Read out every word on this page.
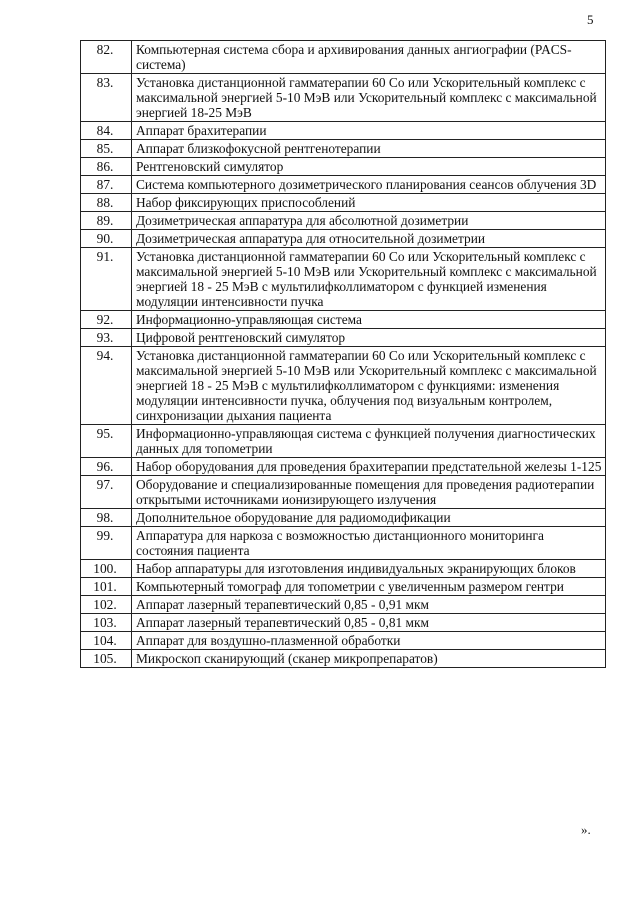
5
82.	Компьютерная система сбора и архивирования данных ангиографии (PACS-система)
83.	Установка дистанционной гамматерапии 60 Со или Ускорительный комплекс с максимальной энергией 5-10 МэВ или Ускорительный комплекс с максимальной энергией 18-25 МэВ
84.	Аппарат брахитерапии
85.	Аппарат близкофокусной рентгенотерапии
86.	Рентгеновский симулятор
87.	Система компьютерного дозиметрического планирования сеансов облучения 3D
88.	Набор фиксирующих приспособлений
89.	Дозиметрическая аппаратура для абсолютной дозиметрии
90.	Дозиметрическая аппаратура для относительной дозиметрии
91.	Установка дистанционной гамматерапии 60 Со или Ускорительный комплекс с максимальной энергией 5-10 МэВ или Ускорительный комплекс с максимальной энергией 18 - 25 МэВ с мультилифколлиматором с функцией изменения модуляции интенсивности пучка
92.	Информационно-управляющая система
93.	Цифровой рентгеновский симулятор
94.	Установка дистанционной гамматерапии 60 Со или Ускорительный комплекс с максимальной энергией 5-10 МэВ или Ускорительный комплекс с максимальной энергией 18 - 25 МэВ с мультилифколлиматором с функциями: изменения модуляции интенсивности пучка, облучения под визуальным контролем, синхронизации дыхания пациента
95.	Информационно-управляющая система с функцией получения диагностических данных для топометрии
96.	Набор оборудования для проведения брахитерапии предстательной железы 1-125
97.	Оборудование и специализированные помещения для проведения радиотерапии открытыми источниками ионизирующего излучения
98.	Дополнительное оборудование для радиомодификации
99.	Аппаратура для наркоза с возможностью дистанционного мониторинга состояния пациента
100.	Набор аппаратуры для изготовления индивидуальных экранирующих блоков
101.	Компьютерный томограф для топометрии с увеличенным размером гентри
102.	Аппарат лазерный терапевтический 0,85 - 0,91 мкм
103.	Аппарат лазерный терапевтический 0,85 - 0,81 мкм
104.	Аппарат для воздушно-плазменной обработки
105.	Микроскоп сканирующий (сканер микропрепаратов)
».
